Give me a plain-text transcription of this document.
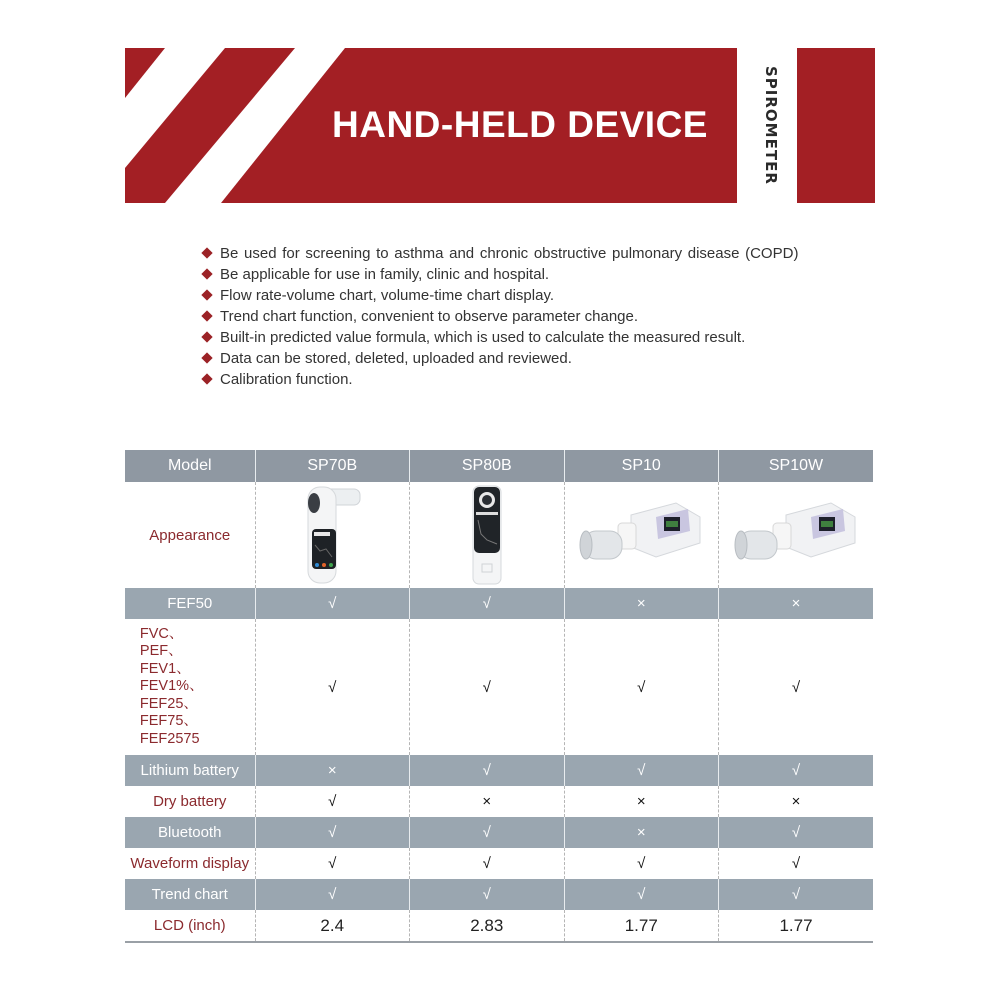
HAND-HELD DEVICE	SPIROMETER
Be used for screening to asthma and chronic obstructive pulmonary disease (COPD)
Be applicable for use in family, clinic and hospital.
Flow rate-volume chart, volume-time chart display.
Trend chart function, convenient to observe parameter change.
Built-in predicted value formula, which is used to calculate the measured result.
Data can be stored, deleted, uploaded and reviewed.
Calibration function.
Model	SP70B	SP80B	SP10	SP10W
Appearance				
FEF50	√	√	×	×

FVC、
PEF、
FEV1、
FEV1%、
FEF25、
FEF75、
FEF2575
	√	√	√	√
Lithium battery	×	√	√	√
Dry battery	√	×	×	×
Bluetooth	√	√	×	√
Waveform display	√	√	√	√
Trend chart	√	√	√	√
LCD (inch)	2.4	2.83	1.77	1.77
